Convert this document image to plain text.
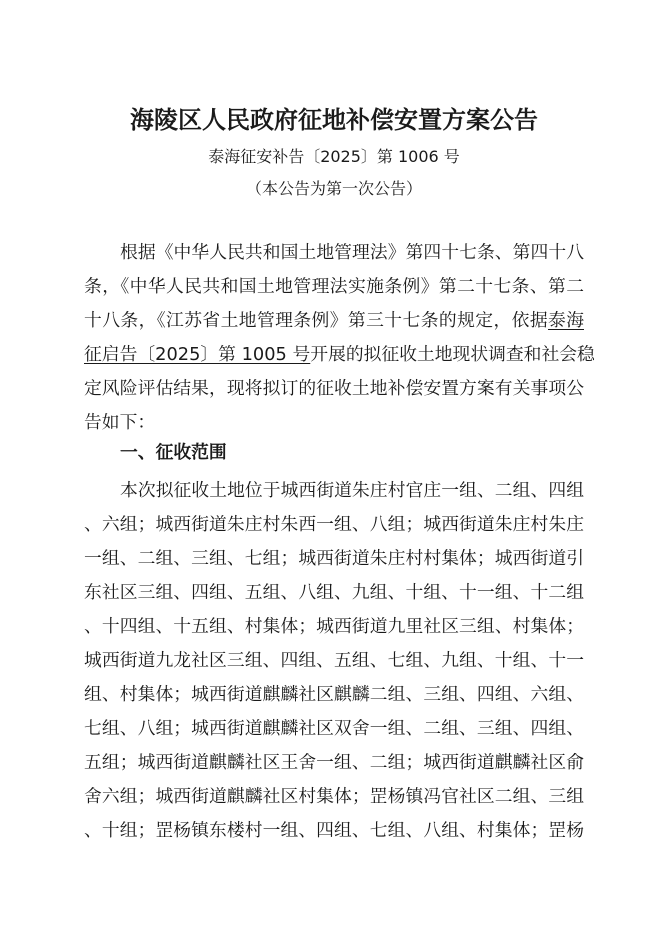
海陵区人民政府征地补偿安置方案公告
泰海征安补告〔2025〕第 1006 号
（本公告为第一次公告）
根据《中华人民共和国土地管理法》第四十七条、第四十八
条，《中华人民共和国土地管理法实施条例》第二十七条、第二
十八条，《江苏省土地管理条例》第三十七条的规定，依据泰海
征启告〔2025〕第 1005 号开展的拟征收土地现状调查和社会稳
定风险评估结果，现将拟订的征收土地补偿安置方案有关事项公
告如下：
一、征收范围
本次拟征收土地位于城西街道朱庄村官庄一组、二组、四组
、六组；城西街道朱庄村朱西一组、八组；城西街道朱庄村朱庄
一组、二组、三组、七组；城西街道朱庄村村集体；城西街道引
东社区三组、四组、五组、八组、九组、十组、十一组、十二组
、十四组、十五组、村集体；城西街道九里社区三组、村集体；
城西街道九龙社区三组、四组、五组、七组、九组、十组、十一
组、村集体；城西街道麒麟社区麒麟二组、三组、四组、六组、
七组、八组；城西街道麒麟社区双舍一组、二组、三组、四组、
五组；城西街道麒麟社区王舍一组、二组；城西街道麒麟社区俞
舍六组；城西街道麒麟社区村集体；罡杨镇冯官社区二组、三组
、十组；罡杨镇东楼村一组、四组、七组、八组、村集体；罡杨
